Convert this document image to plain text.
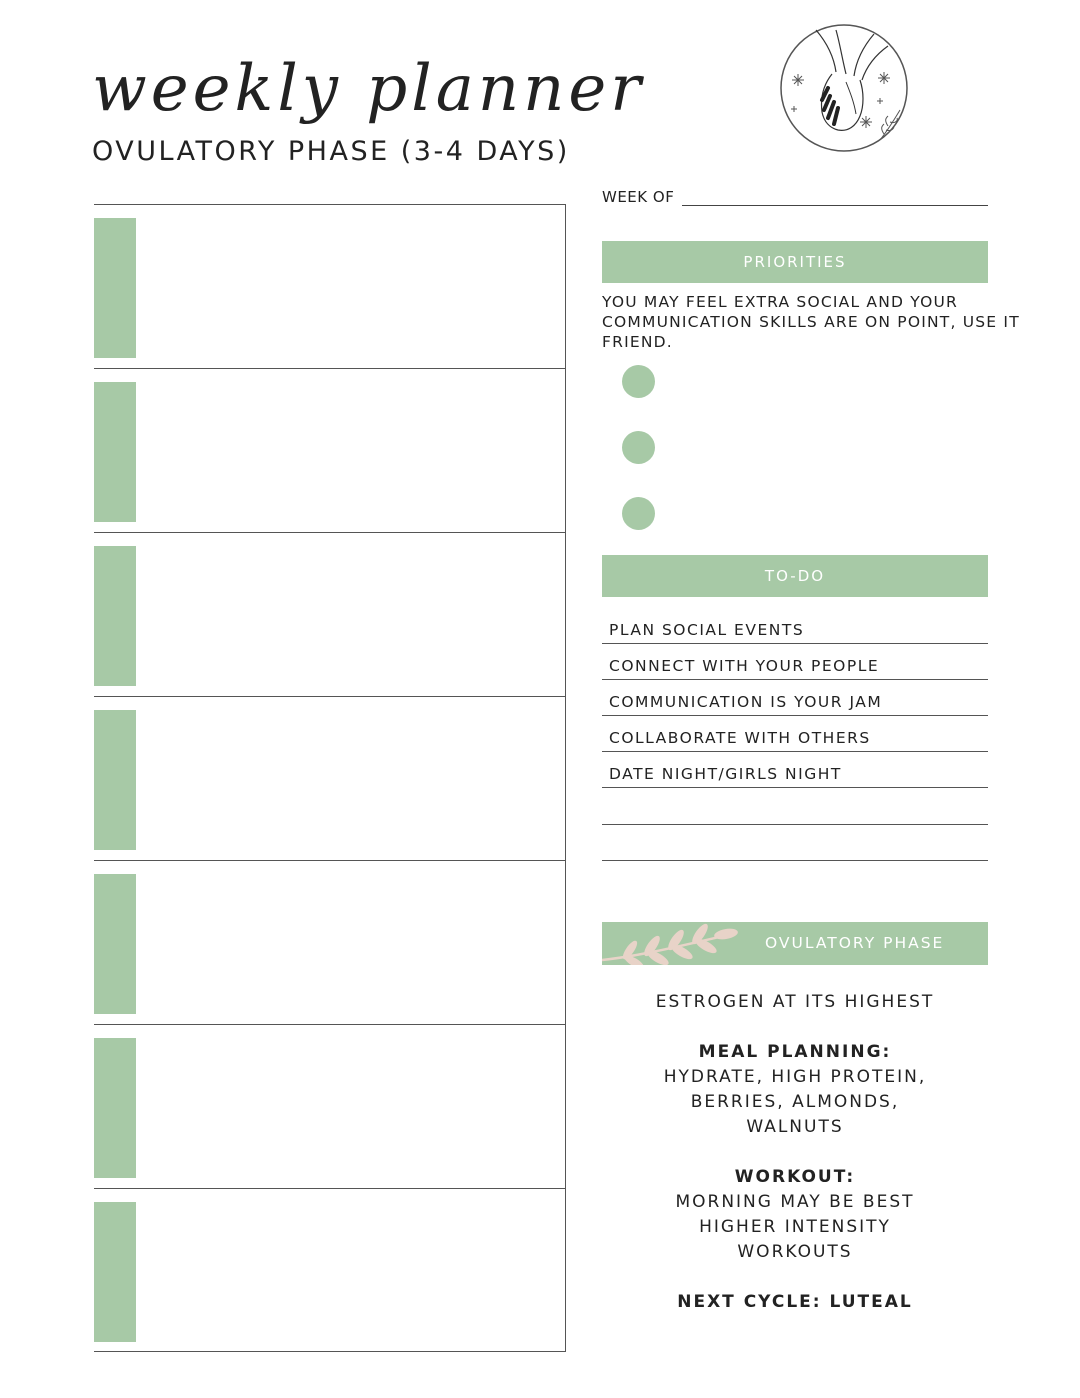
weekly planner
OVULATORY PHASE (3-4 DAYS)
WEEK OF
PRIORITIES
YOU MAY FEEL EXTRA SOCIAL AND YOUR COMMUNICATION SKILLS ARE ON POINT, USE IT FRIEND.
TO-DO
PLAN SOCIAL EVENTS
CONNECT WITH YOUR PEOPLE
COMMUNICATION IS YOUR JAM
COLLABORATE WITH OTHERS
DATE NIGHT/GIRLS NIGHT
OVULATORY PHASE

ESTROGEN AT ITS HIGHEST

MEAL PLANNING:

HYDRATE, HIGH PROTEIN,

BERRIES, ALMONDS,

WALNUTS

WORKOUT:

MORNING MAY BE BEST

HIGHER INTENSITY

WORKOUTS

NEXT CYCLE: LUTEAL
